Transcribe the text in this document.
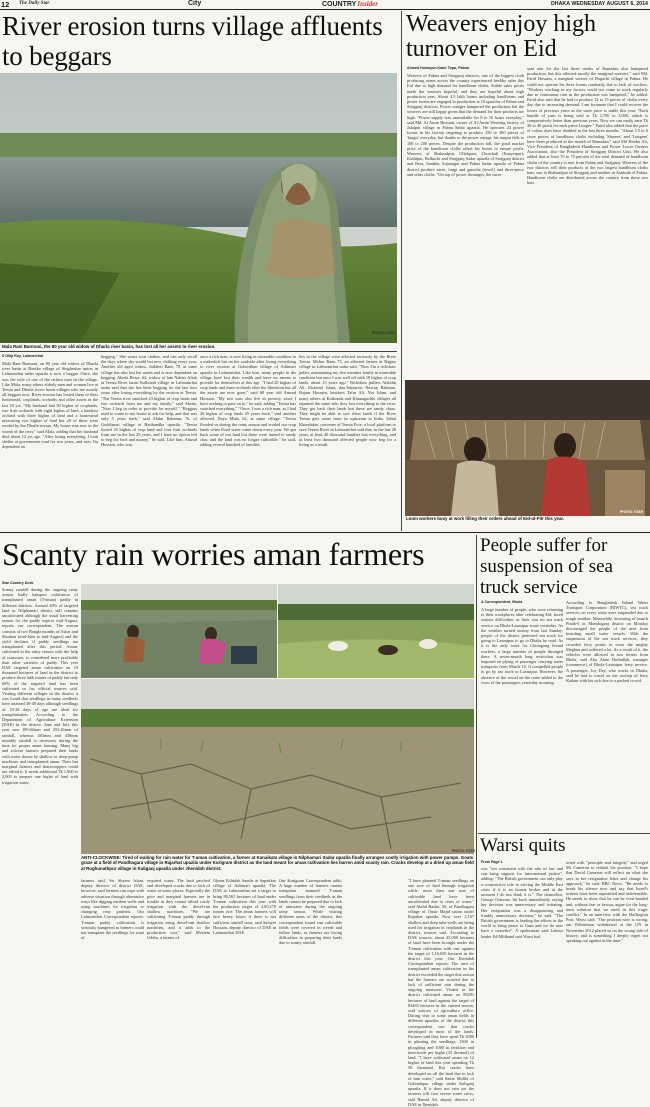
12	The Daily Star	City	COUNTRYInsider	DHAKA WEDNESDAY AUGUST 6, 2014
River erosion turns village affluents to beggars
PHOTO: STAR
Mala Rani Barmoni, the 80 year old widow of Dharla river basin, has lost all her assets to river erosion.
S Dilip Roy, Lalmonirhat
Mala Rani Barmoni, an 80 year old widow of Dharla river basin at Bonika village of Singheshar union in Lalmonirhat sadar upazila is now a beggar. Once, she was the wife of one of the richest men in the village. Like Mala, many others elderly men and women live at Teesta and Dharla rivers basin villages who are mostly all beggars now. River erosion has looted them of their homestead, croplands, orchards and other assets in the last 20 yrs. "My husband had 30 bighas of croplands, two fruit orchards with eight bighas of land, a bamboo orchard with three bighas of land and a homestead measuring two bighas of land but all of these were eroded by the Dharla stream. My house was now in the womb of the river," said Mala, adding that her husband died about 12 yrs ago. "After losing everything, I took shelter at government road for two years, and now I'm dependent on
begging." She wears torn clothes, and can only recall the days where she would hot new clothing every year. Another old aged widow, Jaikheri Bani, 78, at same village has also lost her assets and is now dependent on begging. Abeda Bewa, 64, widow of late Nabier Aftab at Teesta River basin Kallinath village in Lalmonirhat sadar said that she has been begging for the last four years after losing everything by the erosion at Teesta. "The Teesta river snatched 23 bighas of crop lands and two orchards from me and my family," said Abeda, "Now I beg in order to provide for myself." "Beggars used to come to my house to ask for help, and that was only 5 years back," said Abdur Rahman, 76, of Goddimari village at Hatibandha upazila. "Teesta looted 35 bighas of crop land and four fruit orchards from me in the last 20 years, and I have no option left to beg for food and money," he said. Like him, Amzad Hossain, who was
once a rich man, is now living in miserable condition in a makeshift hut on the roadside after losing everything to river erosion at Gobordhan village of Aditmari upazila in Lalmonirhat. Like him, many people in the village have lost their wealth and have no means to provide for themselves at this age. "I had 20 bighas of crop lands and three orchards after the liberation but all the assets are now gone," said 68 year old Amzad Hossain. "My two sons also live in poverty, since I have nothing to pass on to," he said, adding "Teesta has snatched everything." "Once, I was a rich man, as I had 26 bighas of crop lands 25 years back," said another affected, Nayu Miah, 62, at same village. "Teesta flooded us during the rainy season and eroded our crop lands when flood water came down every year. We got back some of our land but these were turned to sandy char, and the land was no longer cultivable." he said, adding several hundred of families
lies in the village were affected seriously by the River Teesta. Mohor Banu 75, an affected farmer at Rajpur village in Lalmonirhat sadar said, "Now I'm a rickshaw puller, maintaining my five member family in miserable condition but once I was well off with 18 bighas of crop lands, about 15 years ago." Rickshaw pullers Alabdin Ali, Khaimul Islam, day-labourers Nazrun Rahman, Bajaur Hossain, hawkers Tafur Ali, Nur Islam, and many others at Kolkonda and Khunagachhi villages all repeated the same tale; they lost everything to the river. They got back their lands but these are sandy chars. They might be able to sow these lands if the River Teesta gets water from its upstream in India. Sahul Khondakar, convener of Teesta Pore, a local platform to save Teesta River in Lalmonirhat said that, in the last 20 years, at least 40 thousand families lost everything, and at least two thousand affected people now beg for a living as a result.
Weavers enjoy high turnover on Eid
Ahmed Humayun Kabir Topu, Pabna
Weavers of Pabna and Sirajganj districts, one of the biggest cloth producing zones across the country experienced healthy sales this Eid due to high demand for handloom cloths. Stable sales prices made the weavers hopeful, and they are hopeful about high production year. About 4.5 lakh looms including handlooms and power looms are engaged in production at 10 upazilas of Pabna and Sirajganj districts. Power outages hampered the production but the weavers are still happy given that the demand for their products are high. "Power supply was unavailable for 8 to 10 hours everyday," said Md. Al Amin Hossain, owner of Al-Amin Weaving factory of Jalalpur village in Pabna Sadar upazila. He operates 24 power looms in his factory targeting to produce 350 to 360 pieces of 'lungis' everyday, but thanks to the power outage, his output falls to 100 to 200 pieces. Despite the production fall, the good market price of the handloom cloths offset his losses to ensure profit. Weavers of Shahzadpur, Ullahpara, Chowhali (Enayetpur), Kashipur, Belkuchi and Sirajganj Sadar upazila of Sirajganj district and Bera, Santhia, Sujanagar and Pabna Sadar upazila of Pabna district produce saree, lungi and gamcha (towel) and three-piece and other cloths. "On top of power shortages, the inces-
sant rain for the last three weeks of Ramadan also hampered production, but this affected mostly the marginal weavers," said Md. Farid Hossain, a marginal weaver of Dogachi village in Pabna. He could not operate his three looms randomly due to lack of workers. "Workers working in my factory could not come to work regularly due to continuous rain as the production was hampered," he added. Farid also said that he had to produce 12 to 15 pieces of cloths every day due to increasing demand. I am fortunate that I could recover the losses of previous years as the saree price is stable this year. "Each bundle of yarn is being sold at Tk 2,700 to 3,000, which is comparatively better than previous years. Now we can easily earn Tk 30 to 40 profit for each piece Lungee." Farid also added that the price of colour dyes have doubled in the last three months. "About 5.5 to 6 crore pieces of handloom cloths including 'Sharees' and 'Lungees' have been produced at the month of Ramadan," said Md Haidar Ali, Vice President of Bangladesh Handloom and Power Loom Owners Association, also the President of Sirajganj District Unit. He also added that at least 70 to 75 percent of the total demand of handloom cloths of the country is met from Pabna and Sirajganj. Weavers of the two districts sell their products at the two largest handloom cloths hats; one in Shahzadpur of Sirajganj and another in Ataikula of Pabna. Handloom cloths are distributed across the country from these two hats.
PHOTO: STAR
Loom workers busy at work filling their orders ahead of Eid-ul-Fitr this year.
Scanty rain worries aman farmers
Star Country Desk
Scanty rainfall during the ongoing rainy season badly hampers cultivation of transplanted aman (T-aman) paddy in different districts. Around 40% of targeted land in Nilphamari district still remains uncultivated although the usual harvesting season for the paddy expires mid-August, reports our correspondent. The season consists of two Bangla months of Ashar and Shrabon (mid-June to mid-August) and the yield declines if paddy seedlings are transplanted after this period. Aman, cultivated in the rainy season with the help of rainwater, is considered more profitable than other varieties of paddy. This year DAE targeted aman cultivation on 19 thousand hectares of land in the district to produce three lakh tonnes of paddy but only 60% of the targeted land has been cultivated so far, official sources said. Visiting different villages in the district it was found that seedlings in many seedbeds have attained 30-40 days although seedlings of 18-28 days of age are ideal for transplantation. According to the Department of Agriculture Extension (DAE) in the district, June and July this year saw 189.62mm and 253.46mm of rainfall, whereas 403mm and 438mm monthly rainfall is necessary during the time for proper aman farming. Many big and solvent farmers prepared their lands with water drawn by shallow or deep pump machines and transplanted aman. Their but marginal farmers and sharecroppers could not afford it. It needs additional Tk 1,000 to 2,000 to prepare one bigha of land with irrigation water,
PHOTO: STAR
ANTI-CLOCKWISE: Tired of waiting for rain water for T-aman cultivation, a farmer at Kanaikata village in Nilphamari Sadar upazila finally arranges costly irrigation with power pumps. Goats graze at a field of Pandhagara village in Rajarhat upazila under Kurigram district as the land meant for aman cultivation lies barren amid scanty rain. Cracks develop at a dried up aman field at Roghunathpur village in Kaliganj upazila under Jhenidah district.
farmers said. Sri Shyam Islam, deputy director of district DAE, however, said farmers can cope with adverse situation through alternative ways like digging earthen wells and using machines for irrigation or changing crop patterns. Our Lalmonirhat Correspondent reports: T-aman paddy cultivation is seriously hampered as farmers could not transplant the seedlings for want of
required water. The land parched and developed cracks due to lack of water at some places. Especially the poor and marginal farmers are in trouble as they cannot afford costly irrigation with the diesel-run shallow machines. "We are cultivating T-aman paddy through irrigation using diesel-run shallow machines, and it adds to the production cost," said Moslem Uddin, a farmer of
Ghona Kshidah Saudis at Sapatikar village of Aditmari upazila. The DAE in Lalmonirhat set a target to bring 80,565 hectares of land under T-aman cultivation this year with the production target of 2,00,270 tonnes rice. The aman farmers will face heavy losses if there is not sufficient rainfall soon, said Safayet Hossain, deputy director of DAE in Lalmonirhat DAE.
Our Kurigram Correspondent adds: A huge number of farmers cannot transplant matured T-aman seedlings from their seedbeds as the lands cannot be prepared due to lack of rainwater during the ongoing rainy season. While visiting different areas of the district, this correspondent found vast cultivable fields were covered in weeds and fallow lands, as farmers are facing difficulties in preparing their lands due to scanty rainfall.
"I have planned T-aman seedlings on one acre of land through irrigation while, more than one acre of cultivable land have been uncultivated due to crisis of water," said Abdul Bashir, 50, of Pandhagara village of Omar Majid union under Rajarhat upazila. Now over 2,167 shallow and deep tube-wells are being used for irrigation in croplands in the district, sources said. According to DAE sources, about 45,000 hectares of land have been brought under the T-aman cultivation with one against the target of 1,16,650 hectares in the district this year. Our Jhenidah Correspondent reports: The area of transplanted aman cultivation in the district exceeded the target this season but the farmers are worried due to lack of sufficient rain during the ongoing monsoon. Visited in the district cultivated aman on 89291 hectares of land against the target of 83465 hectares in the current season, said sources of agriculture office. During visit to some aman fields in different upazilas of the district this correspondent saw that cracks developed in most of the lands. Farmers said they have spent Tk 2000 in planting the seedlings, 1500 in ploughing and 1000 in fertilizer and insecticide per bigha (33 decimal) of land. "I have cultivated aman on 12 bighas of land this year spending Tk 50 thousand. But cracks have developed on all the land due to lack of rain water," said Sattar Mollik of Gobindapur village under Kaliganj upazila. If it does not rain yet the farmers will face severe water crisis, said Hamid Ali, deputy director of DAE in Jhenidah.
People suffer for suspension of sea truck service
A Correspondent, Bhola
A large number of people, who were returning to their workplaces after celebrating Eid, faced serious difficulties as their was no sea truck service on Bhola-Laxmipur route yesterday. As the weather turned stormy from last Sunday, people of the district preferred sea truck for going to Laxmipur to go to Dhaka by road. As it is the only route for Chittagong bound workers, a large number of people thronged there. A seven-month long restriction was imposed on plying of passenger carrying water transports from March 15. It compelled people to go by sea truck to Laxmipur. However, the absence of the vessel on the route added to the woes of the passengers yesterday morning.
According to Bangladesh Inland Water Transport Corporation (BIWTC), sea truck services on every route were suspended due to rough weather. Meanwhile, drowning of launch Pinak-6 in Munshiganj district on Monday discouraged the people of the area from boarding small water vessels. With the suspension of the sea truck services, they crowded ferry points to cross the mighty Meghna and suffered a lot. As a result of it, the vehicles were allowed in two ferries from Bhola, said Abu Alam Hasbullah, manager (commerce) of Bhola-Laxmipur ferry service. A passenger, Joy Dey, who works in Dhaka, said he had to travel on the rooftop of ferry Kadam with his sick due to a packed crowd.
Warsi quits
From Page 1
was "not consistent with the rule of law and can bring support for international justice", adding: "The British government can only play a constructive role in solving the Middle East crisis if it is an honest broker and at the moment I do not think it is." The chancellor, George Osborne, hit back immediately saying her decision was unnecessary and irritating. Her resignation was a disappointing and frankly unnecessary decision," he said. "The British government is leading the efforts in the world to bring peace to Gaza and we do now have a ceasefire". A spokesman said Labour leader Ed Miliband said Warsi had
acted with "principle and integrity" and urged Mr Cameron to rethink his position. "I hope that David Cameron will reflect on what she says in her resignation letter and change his approach," he said. BBC News: "He needs to break his silence now and say that Israel's actions have been unjustified and indefensible. He needs to show that he can be even-handed and, without fear or favour, argue for the long-term solution that we need in this tragic conflict." In an interview with the Huffington Post, Warsi said: "Our position now is wrong, our Palestinian withdrawal at the UN in November 2012 placed us on the wrong side of history, and is something I deeply regret not speaking out against at the time."
